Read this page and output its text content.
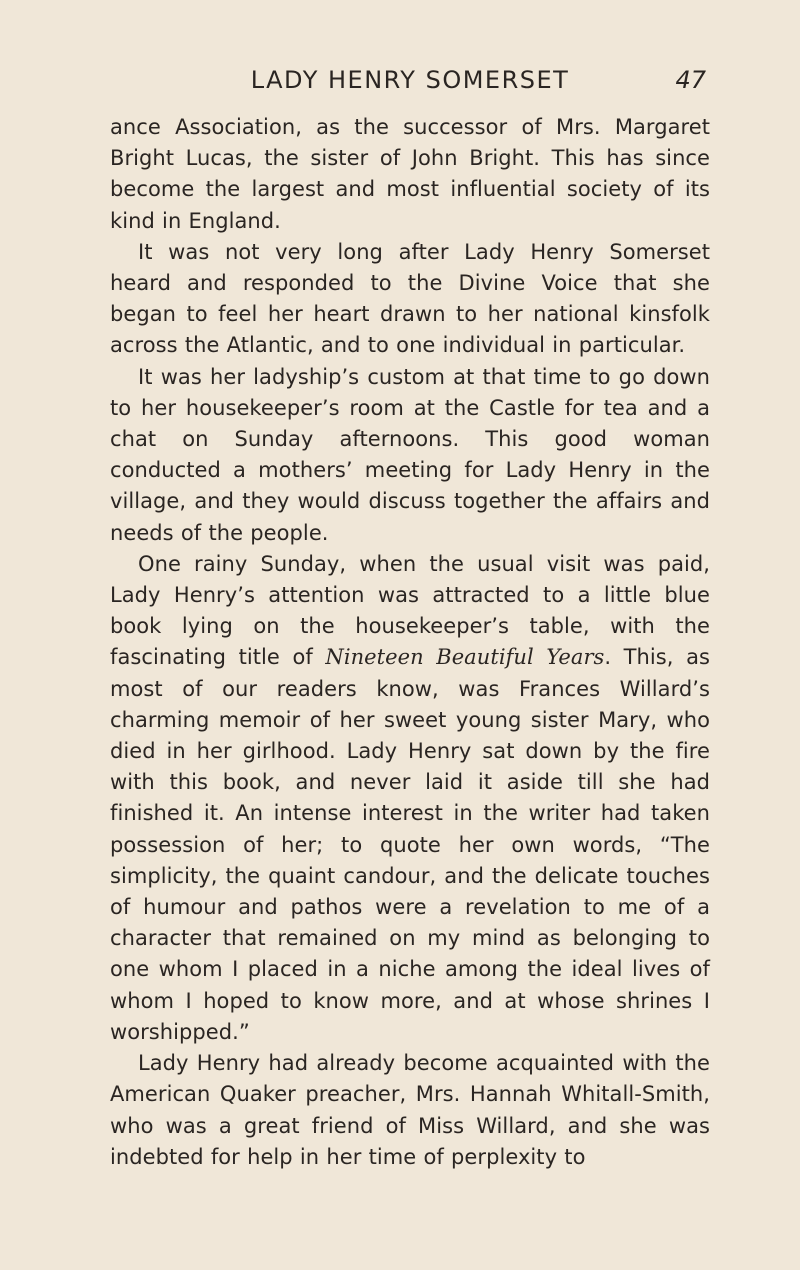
LADY HENRY SOMERSET	47

ance Association, as the successor of Mrs. Margaret Bright Lucas, the sister of John Bright. This has since become the largest and most influential society of its kind in England.

It was not very long after Lady Henry Somerset heard and responded to the Divine Voice that she began to feel her heart drawn to her national kinsfolk across the Atlantic, and to one individual in particular.

It was her ladyship’s custom at that time to go down to her housekeeper’s room at the Castle for tea and a chat on Sunday afternoons. This good woman conducted a mothers’ meeting for Lady Henry in the village, and they would discuss together the affairs and needs of the people.

One rainy Sunday, when the usual visit was paid, Lady Henry’s attention was attracted to a little blue book lying on the housekeeper’s table, with the fascinating title of Nineteen Beautiful Years. This, as most of our readers know, was Frances Willard’s charming memoir of her sweet young sister Mary, who died in her girlhood. Lady Henry sat down by the fire with this book, and never laid it aside till she had finished it. An intense interest in the writer had taken possession of her; to quote her own words, “The simplicity, the quaint candour, and the delicate touches of humour and pathos were a revelation to me of a character that remained on my mind as belonging to one whom I placed in a niche among the ideal lives of whom I hoped to know more, and at whose shrines I worshipped.”

Lady Henry had already become acquainted with the American Quaker preacher, Mrs. Hannah Whitall-Smith, who was a great friend of Miss Willard, and she was indebted for help in her time of perplexity to
